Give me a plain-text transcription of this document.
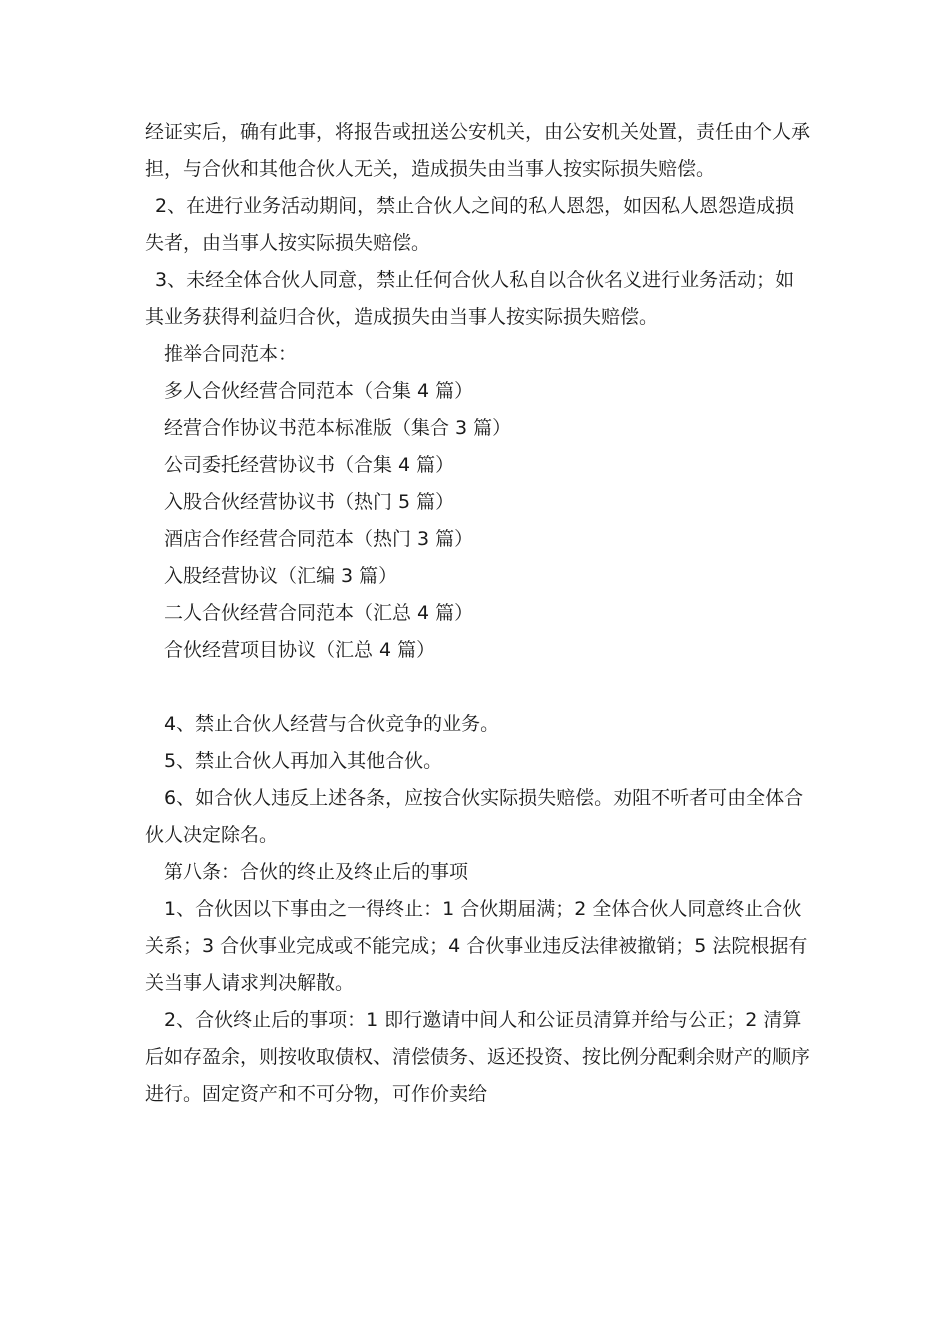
经证实后，确有此事，将报告或扭送公安机关，由公安机关处置，责任由个人承担，与合伙和其他合伙人无关，造成损失由当事人按实际损失赔偿。

2、在进行业务活动期间，禁止合伙人之间的私人恩怨，如因私人恩怨造成损失者，由当事人按实际损失赔偿。

3、未经全体合伙人同意，禁止任何合伙人私自以合伙名义进行业务活动；如其业务获得利益归合伙，造成损失由当事人按实际损失赔偿。

推举合同范本：

多人合伙经营合同范本（合集 4 篇）

经营合作协议书范本标准版（集合 3 篇）

公司委托经营协议书（合集 4 篇）

入股合伙经营协议书（热门 5 篇）

酒店合作经营合同范本（热门 3 篇）

入股经营协议（汇编 3 篇）

二人合伙经营合同范本（汇总 4 篇）

合伙经营项目协议（汇总 4 篇）

4、禁止合伙人经营与合伙竞争的业务。

5、禁止合伙人再加入其他合伙。

6、如合伙人违反上述各条，应按合伙实际损失赔偿。劝阻不听者可由全体合伙人决定除名。

第八条：合伙的终止及终止后的事项

1、合伙因以下事由之一得终止：1 合伙期届满；2 全体合伙人同意终止合伙关系；3 合伙事业完成或不能完成；4 合伙事业违反法律被撤销；5 法院根据有关当事人请求判决解散。

2、合伙终止后的事项：1 即行邀请中间人和公证员清算并给与公正；2 清算后如存盈余，则按收取债权、清偿债务、返还投资、按比例分配剩余财产的顺序进行。固定资产和不可分物，可作价卖给
